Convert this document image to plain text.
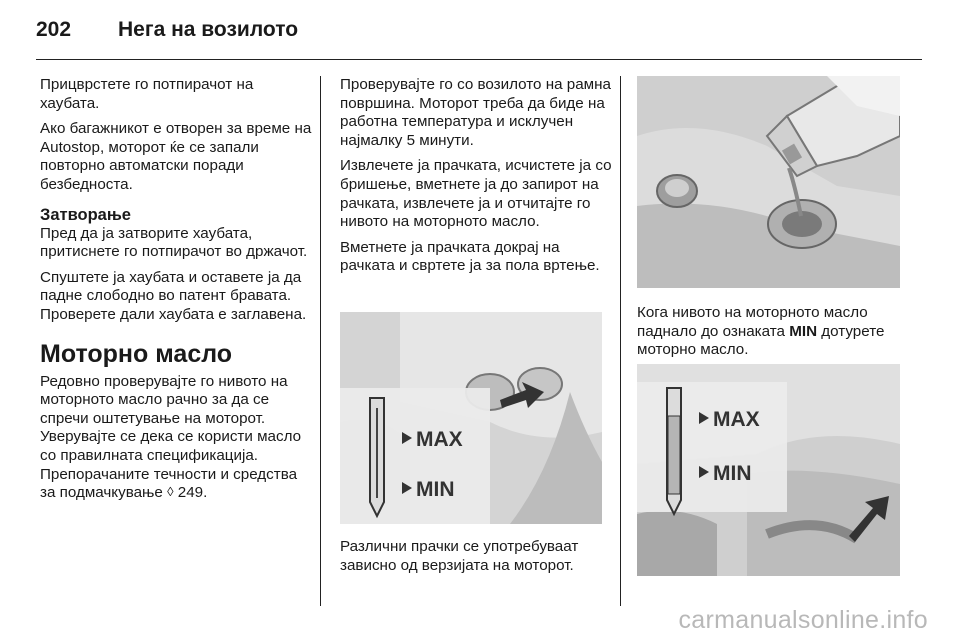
202 Нега на возилото

Прицврстете го потпирачот на хаубата.

Ако багажникот е отворен за време на Autostop, моторот ќе се запали повторно автоматски поради безбедноста.

Затворање

Пред да ја затворите хаубата, притиснете го потпирачот во држачот.

Спуштете ја хаубата и оставете ја да падне слободно во патент бравата. Проверете дали хаубата е заглавена.

Моторно масло

Редовно проверувајте го нивото на моторното масло рачно за да се спречи оштетување на моторот. Уверувајте се дека се користи масло со правилната спецификација. Препорачаните течности и средства за подмачкување ◊ 249.

Проверувајте го со возилото на рамна површина. Моторот треба да биде на работна температура и исклучен најмалку 5 минути.

Извлечете ја прачката, исчистете ја со бришење, вметнете ја до запирот на рачката, извлечете ја и отчитајте го нивото на моторното масло.

Вметнете ја прачката докрај на рачката и свртете ја за пола вртење.

MAX
MIN
Различни прачки се употребуваат зависно од верзијата на моторот.
Кога нивото на моторното масло паднало до ознаката MIN дотурете моторно масло.
MAX
MIN
carmanualsonline.info
